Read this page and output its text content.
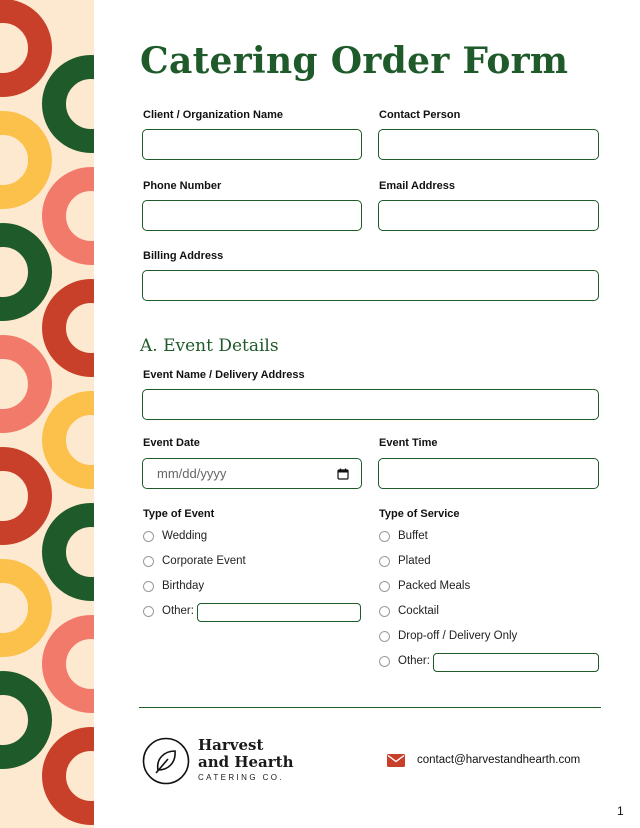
Catering Order Form
Client / Organization Name	Contact Person
Phone Number	Email Address
Billing Address
A. Event Details
Event Name / Delivery Address
Event Date
mm/dd/yyyy
Event Time
Type of Event
Wedding
Corporate Event
Birthday
Other:
Type of Service
Buffet
Plated
Packed Meals
Cocktail
Drop-off / Delivery Only
Other:
Harvest
and Hearth
CATERING CO.
contact@harvestandhearth.com
1
